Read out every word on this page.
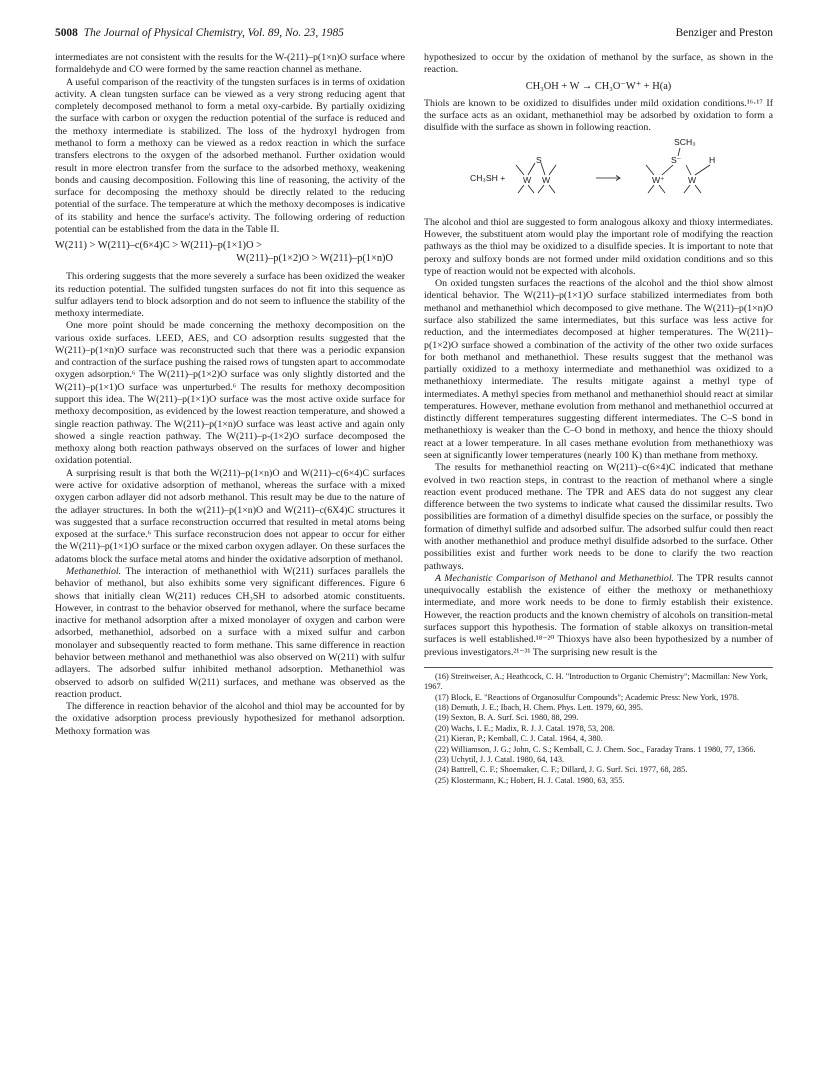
5008 The Journal of Physical Chemistry, Vol. 89, No. 23, 1985	Benziger and Preston

intermediates are not consistent with the results for the W-(211)–p(1×n)O surface where formaldehyde and CO were formed by the same reaction channel as methane.

A useful comparison of the reactivity of the tungsten surfaces is in terms of oxidation activity. A clean tungsten surface can be viewed as a very strong reducing agent that completely decomposed methanol to form a metal oxy-carbide. By partially oxidizing the surface with carbon or oxygen the reduction potential of the surface is reduced and the methoxy intermediate is stabilized. The loss of the hydroxyl hydrogen from methanol to form a methoxy can be viewed as a redox reaction in which the surface transfers electrons to the oxygen of the adsorbed methanol. Further oxidation would result in more electron transfer from the surface to the adsorbed methoxy, weakening bonds and causing decomposition. Following this line of reasoning, the activity of the surface for decomposing the methoxy should be directly related to the reducing potential of the surface. The temperature at which the methoxy decomposes is indicative of its stability and hence the surface's activity. The following ordering of reduction potential can be established from the data in the Table II.

W(211) > W(211)–c(6×4)C > W(211)–p(1×1)O >
W(211)–p(1×2)O > W(211)–p(1×n)O

This ordering suggests that the more severely a surface has been oxidized the weaker its reduction potential. The sulfided tungsten surfaces do not fit into this sequence as sulfur adlayers tend to block adsorption and do not seem to influence the stability of the methoxy intermediate.

One more point should be made concerning the methoxy decomposition on the various oxide surfaces. LEED, AES, and CO adsorption results suggested that the W(211)–p(1×n)O surface was reconstructed such that there was a periodic expansion and contraction of the surface pushing the raised rows of tungsten apart to accommodate oxygen adsorption.⁶ The W(211)–p(1×2)O surface was only slightly distorted and the W(211)–p(1×1)O surface was unperturbed.⁶ The results for methoxy decomposition support this idea. The W(211)–p(1×1)O surface was the most active oxide surface for methoxy decomposition, as evidenced by the lowest reaction temperature, and showed a single reaction pathway. The W(211)–p(1×n)O surface was least active and again only showed a single reaction pathway. The W(211)–p-(1×2)O surface decomposed the methoxy along both reaction pathways observed on the surfaces of lower and higher oxidation potential.

A surprising result is that both the W(211)–p(1×n)O and W(211)–c(6×4)C surfaces were active for oxidative adsorption of methanol, whereas the surface with a mixed oxygen carbon adlayer did not adsorb methanol. This result may be due to the nature of the adlayer structures. In both the w(211)–p(1×n)O and W(211)–c(6X4)C structures it was suggested that a surface reconstruction occurred that resulted in metal atoms being exposed at the surface.⁶ This surface reconstrucion does not appear to occur for either the W(211)–p(1×1)O surface or the mixed carbon oxygen adlayer. On these surfaces the adatoms block the surface metal atoms and hinder the oxidative adsorption of methanol.

Methanethiol. The interaction of methanethiol with W(211) surfaces parallels the behavior of methanol, but also exhibits some very significant differences. Figure 6 shows that initially clean W(211) reduces CH₃SH to adsorbed atomic constituents. However, in contrast to the behavior observed for methanol, where the surface became inactive for methanol adsorption after a mixed monolayer of oxygen and carbon were adsorbed, methanethiol, adsorbed on a surface with a mixed sulfur and carbon monolayer and subsequently reacted to form methane. This same difference in reaction behavior between methanol and methanethiol was also observed on W(211) with sulfur adlayers. The adsorbed sulfur inhibited methanol adsorption. Methanethiol was observed to adsorb on sulfided W(211) surfaces, and methane was observed as the reaction product.

The difference in reaction behavior of the alcohol and thiol may be accounted for by the oxidative adsorption process previously hypothesized for methanol adsorption. Methoxy formation was

hypothesized to occur by the oxidation of methanol by the surface, as shown in the reaction.

CH₃OH + W → CH₃O⁻W⁺ + H(a)

Thiols are known to be oxidized to disulfides under mild oxidation conditions.¹⁶·¹⁷ If the surface acts as an oxidant, methanethiol may be adsorbed by oxidation to form a disulfide with the surface as shown in following reaction.

CH₃SH +
S
W W
SCH₃
S⁻	H
W⁺	W

The alcohol and thiol are suggested to form analogous alkoxy and thioxy intermediates. However, the substituent atom would play the important role of modifying the reaction pathways as the thiol may be oxidized to a disulfide species. It is important to note that peroxy and sulfoxy bonds are not formed under mild oxidation conditions and so this type of reaction would not be expected with alcohols.

On oxided tungsten surfaces the reactions of the alcohol and the thiol show almost identical behavior. The W(211)–p(1×1)O surface stabilized intermediates from both methanol and methanethiol which decomposed to give methane. The W(211)–p(1×n)O surface also stabilized the same intermediates, but this surface was less active for reduction, and the intermediates decomposed at higher temperatures. The W(211)–p(1×2)O surface showed a combination of the activity of the other two oxide surfaces for both methanol and methanethiol. These results suggest that the methanol was partially oxidized to a methoxy intermediate and methanethiol was oxidized to a methanethioxy intermediate. The results mitigate against a methyl type of intermediates. A methyl species from methanol and methanethiol should react at similar temperatures. However, methane evolution from methanol and methanethiol occurred at distinctly different temperatures suggesting different intermediates. The C–S bond in methanethioxy is weaker than the C–O bond in methoxy, and hence the thioxy should react at a lower temperature. In all cases methane evolution from methanethioxy was seen at significantly lower temperatures (nearly 100 K) than methane from methoxy.

The results for methanethiol reacting on W(211)–c(6×4)C indicated that methane evolved in two reaction steps, in contrast to the reaction of methanol where a single reaction event produced methane. The TPR and AES data do not suggest any clear difference between the two systems to indicate what caused the dissimilar results. Two possibilities are formation of a dimethyl disulfide species on the surface, or possibly the formation of dimethyl sulfide and adsorbed sulfur. The adsorbed sulfur could then react with another methanethiol and produce methyl disulfide adsorbed to the surface. Other possibilities exist and further work needs to be done to clarify the two reaction pathways.

A Mechanistic Comparison of Methanol and Methanethiol. The TPR results cannot unequivocally establish the existence of either the methoxy or methanethioxy intermediate, and more work needs to be done to firmly establish their existence. However, the reaction products and the known chemistry of alcohols on transition-metal surfaces support this hypothesis. The formation of stable alkoxys on transition-metal surfaces is well established.¹⁸⁻²⁰ Thioxys have also been hypothesized by a number of previous investigators.²¹⁻³¹ The surprising new result is the

(16) Streitweiser, A.; Heathcock, C. H. "Introduction to Organic Chemistry"; Macmillan: New York, 1967.
(17) Block, E. "Reactions of Organosulfur Compounds"; Academic Press: New York, 1978.
(18) Demuth, J. E.; Ibach, H. Chem. Phys. Lett. 1979, 60, 395.
(19) Sexton, B. A. Surf. Sci. 1980, 88, 299.
(20) Wachs, I. E.; Madix, R. J. J. Catal. 1978, 53, 208.
(21) Kieran, P.; Kemball, C. J. Catal. 1964, 4, 380.
(22) Williamson, J. G.; John, C. S.; Kemball, C. J. Chem. Soc., Faraday Trans. 1 1980, 77, 1366.
(23) Uchytil, J. J. Catal. 1980, 64, 143.
(24) Battrell, C. F.; Shoemaker, C. F.; Dillard, J. G. Surf. Sci. 1977, 68, 285.
(25) Klostermann, K.; Hobert, H. J. Catal. 1980, 63, 355.
